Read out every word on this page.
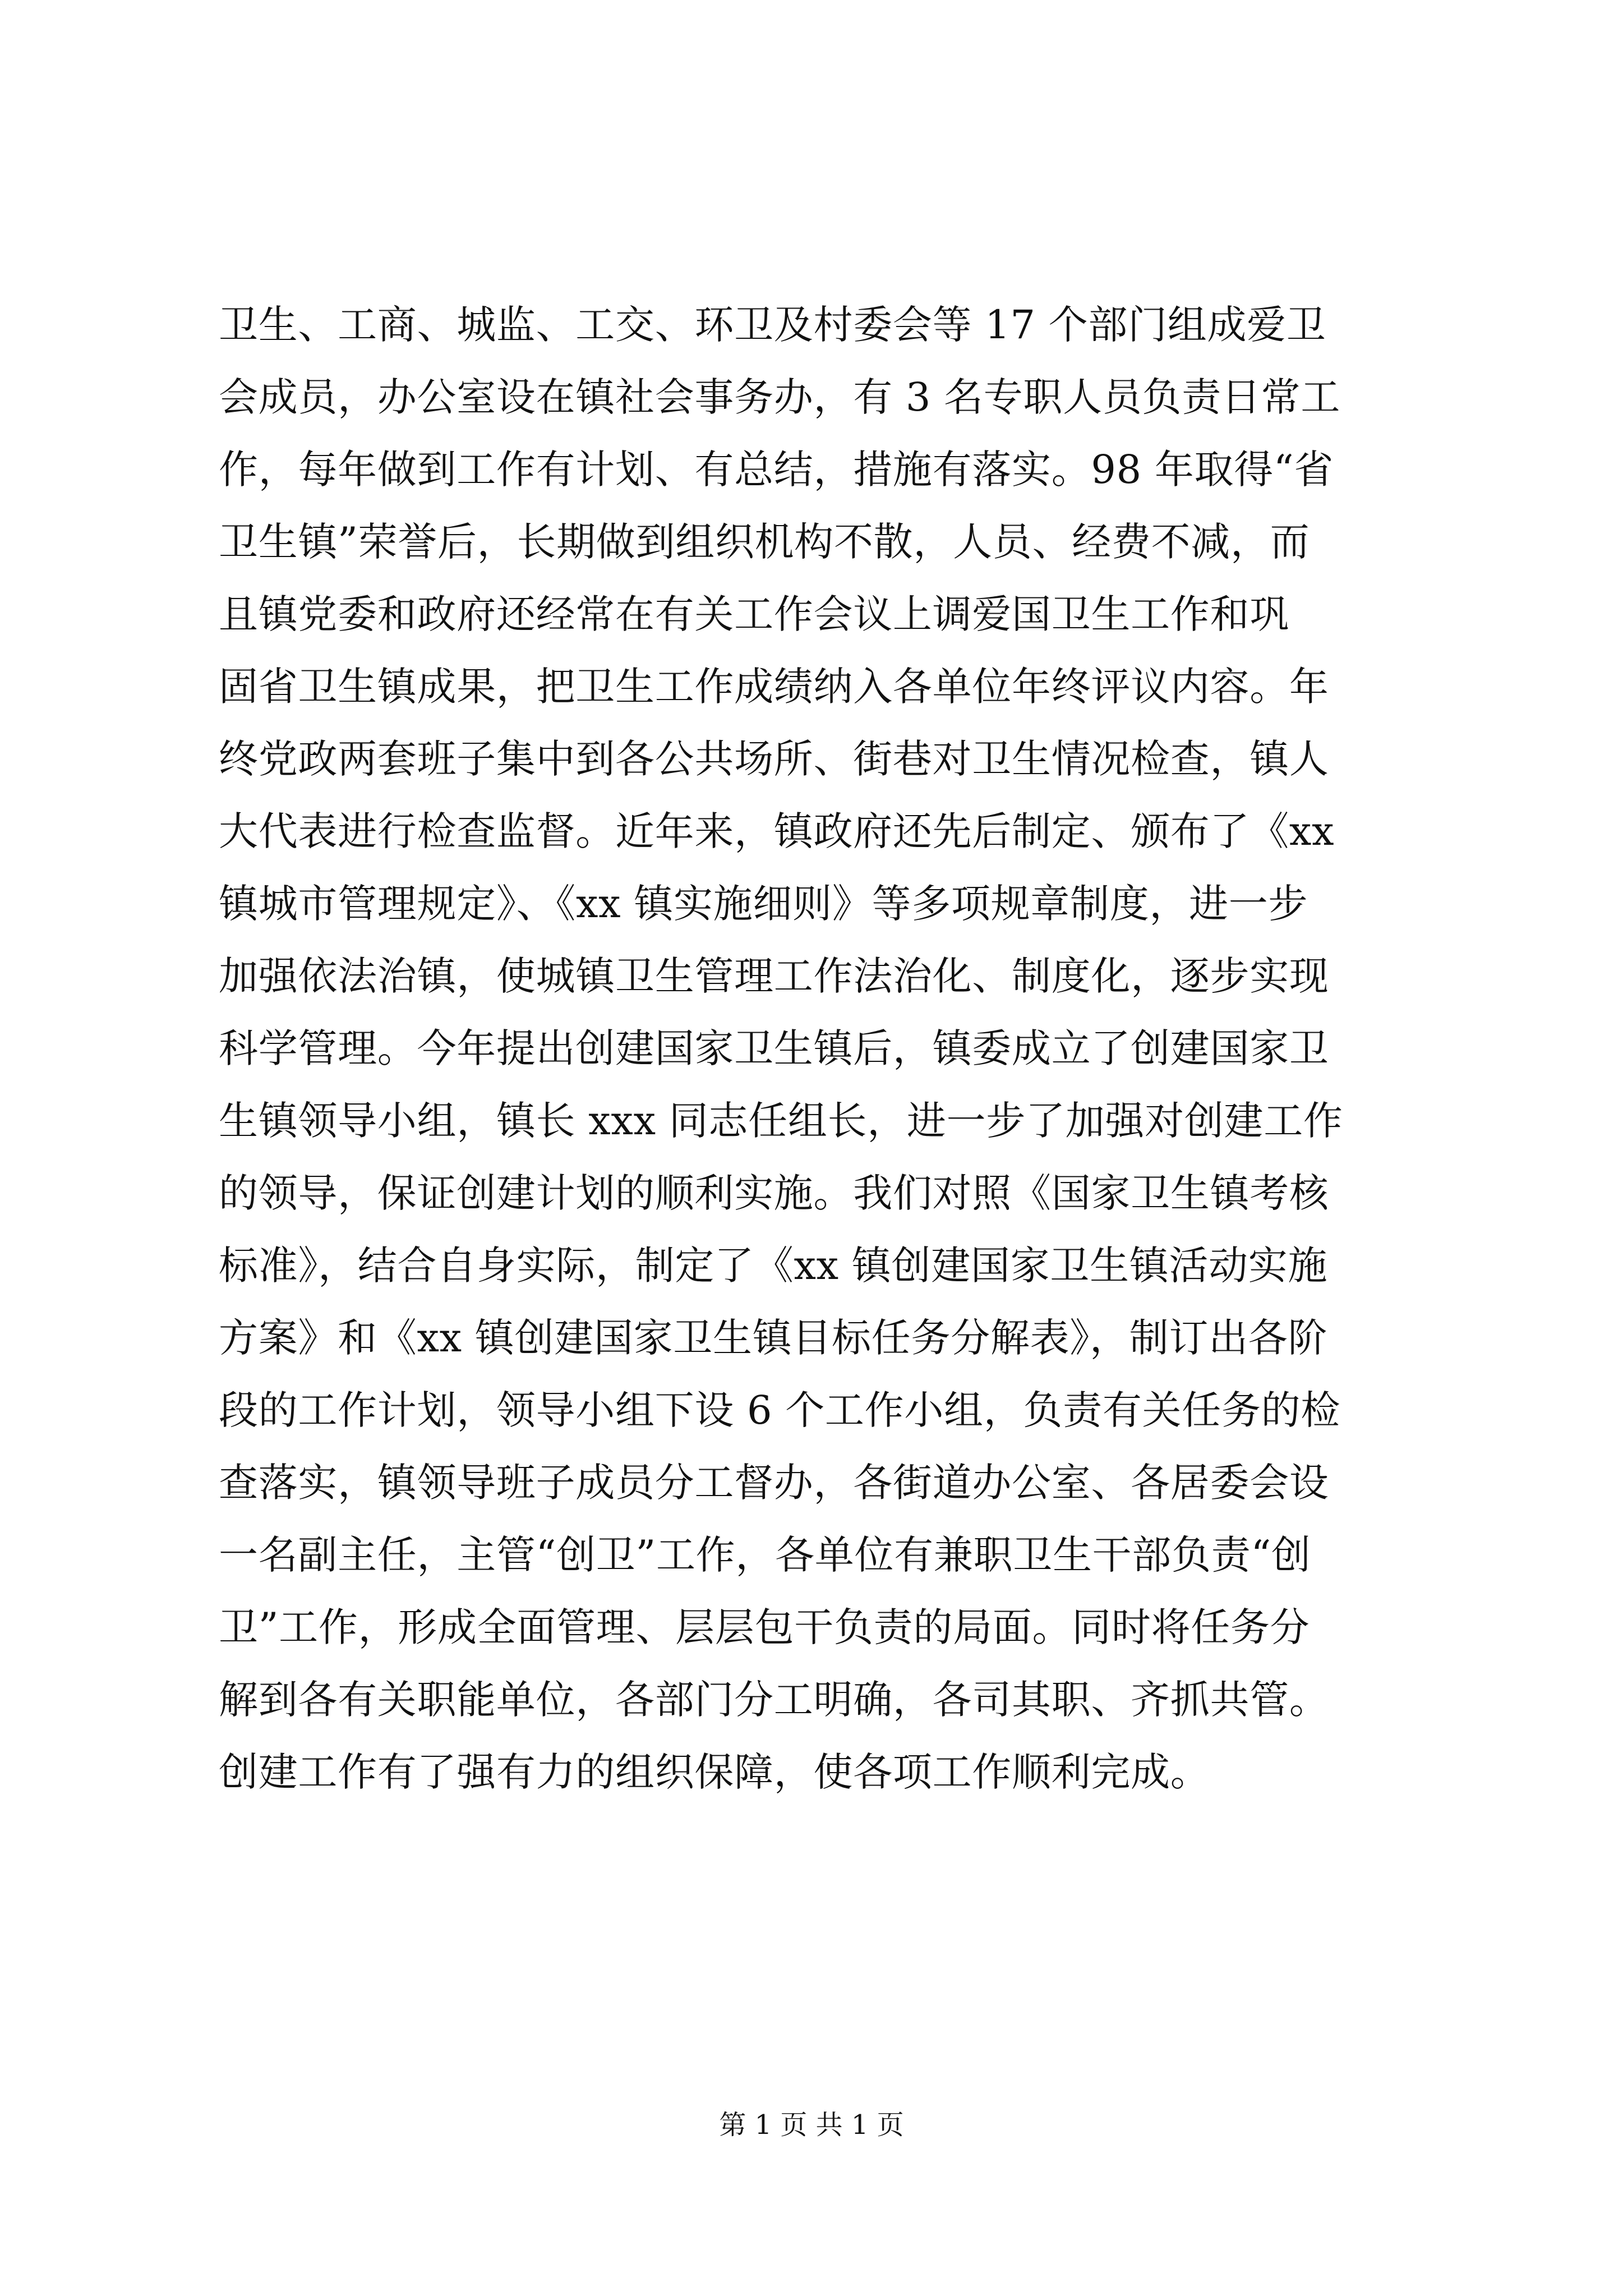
卫生、工商、城监、工交、环卫及村委会等 17 个部门组成爱卫
会成员，办公室设在镇社会事务办，有 3 名专职人员负责日常工
作，每年做到工作有计划、有总结，措施有落实。98 年取得“省
卫生镇”荣誉后，长期做到组织机构不散，人员、经费不减，而
且镇党委和政府还经常在有关工作会议上调爱国卫生工作和巩
固省卫生镇成果，把卫生工作成绩纳入各单位年终评议内容。年
终党政两套班子集中到各公共场所、街巷对卫生情况检查，镇人
大代表进行检查监督。近年来，镇政府还先后制定、颁布了《xx
镇城市管理规定》、《xx 镇实施细则》等多项规章制度，进一步
加强依法治镇，使城镇卫生管理工作法治化、制度化，逐步实现
科学管理。今年提出创建国家卫生镇后，镇委成立了创建国家卫
生镇领导小组，镇长 xxx 同志任组长，进一步了加强对创建工作
的领导，保证创建计划的顺利实施。我们对照《国家卫生镇考核
标准》，结合自身实际，制定了《xx 镇创建国家卫生镇活动实施
方案》和《xx 镇创建国家卫生镇目标任务分解表》，制订出各阶
段的工作计划，领导小组下设 6 个工作小组，负责有关任务的检
查落实，镇领导班子成员分工督办，各街道办公室、各居委会设
一名副主任，主管“创卫”工作，各单位有兼职卫生干部负责“创
卫”工作，形成全面管理、层层包干负责的局面。同时将任务分
解到各有关职能单位，各部门分工明确，各司其职、齐抓共管。
创建工作有了强有力的组织保障，使各项工作顺利完成。
第 1 页 共 1 页
